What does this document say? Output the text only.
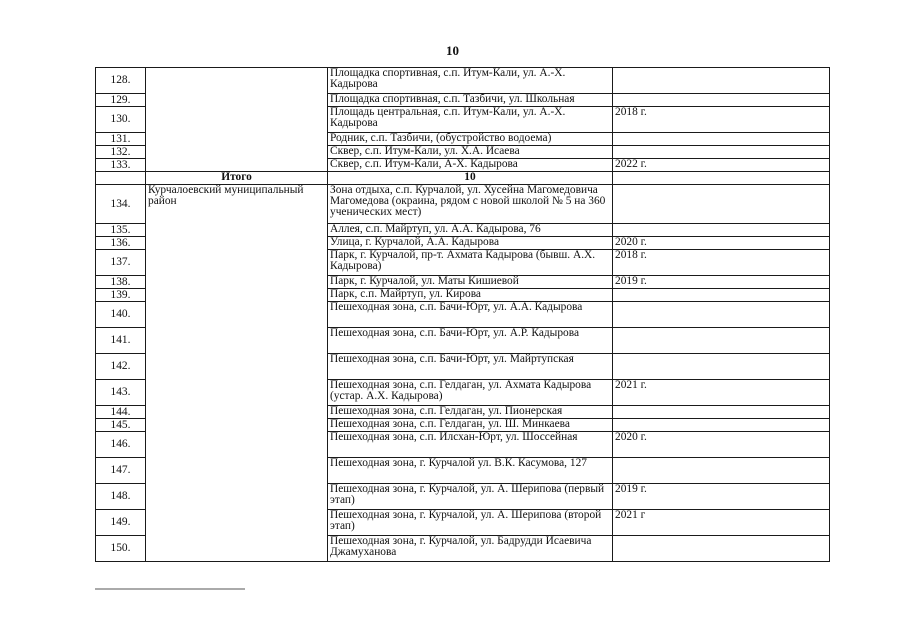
10
128.		Площадка спортивная, с.п. Итум-Кали, ул. А.-Х. Кадырова	
129.		Площадка спортивная, с.п. Тазбичи, ул. Школьная	
130.		Площадь центральная, с.п. Итум-Кали, ул. А.-Х. Кадырова	2018 г.
131.		Родник, с.п. Тазбичи, (обустройство водоема)	
132.		Сквер, с.п. Итум-Кали, ул. Х.А. Исаева	
133.		Сквер, с.п. Итум-Кали, А-Х. Кадырова	2022 г.
	Итого	10	
134.	Курчалоевский муниципальный район	Зона отдыха, с.п. Курчалой, ул. Хусейна Магомедовича Магомедова (окраина, рядом с новой школой № 5 на 360 ученических мест)	
135.		Аллея, с.п. Майртуп, ул. А.А. Кадырова, 76	
136.		Улица, г. Курчалой, А.А. Кадырова	2020 г.
137.		Парк, г. Курчалой, пр-т. Ахмата Кадырова (бывш. А.Х. Кадырова)	2018 г.
138.		Парк, г. Курчалой, ул. Маты Кишиевой	2019 г.
139.		Парк, с.п. Майртуп, ул. Кирова	
140.		Пешеходная зона, с.п. Бачи-Юрт, ул. А.А. Кадырова	
141.		Пешеходная зона, с.п. Бачи-Юрт, ул. А.Р. Кадырова	
142.		Пешеходная зона, с.п. Бачи-Юрт, ул. Майртупская	
143.		Пешеходная зона, с.п. Гелдаган, ул. Ахмата Кадырова (устар. А.Х. Кадырова)	2021 г.
144.		Пешеходная зона, с.п. Гелдаган, ул. Пионерская	
145.		Пешеходная зона, с.п. Гелдаган, ул. Ш. Минкаева	
146.		Пешеходная зона, с.п. Илсхан-Юрт, ул. Шоссейная	2020 г.
147.		Пешеходная зона, г. Курчалой ул. В.К. Касумова, 127	
148.		Пешеходная зона, г. Курчалой, ул. А. Шерипова (первый этап)	2019 г.
149.		Пешеходная зона, г. Курчалой, ул. А. Шерипова (второй этап)	2021 г
150.		Пешеходная зона, г. Курчалой, ул. Бадрудди Исаевича Джамуханова	
